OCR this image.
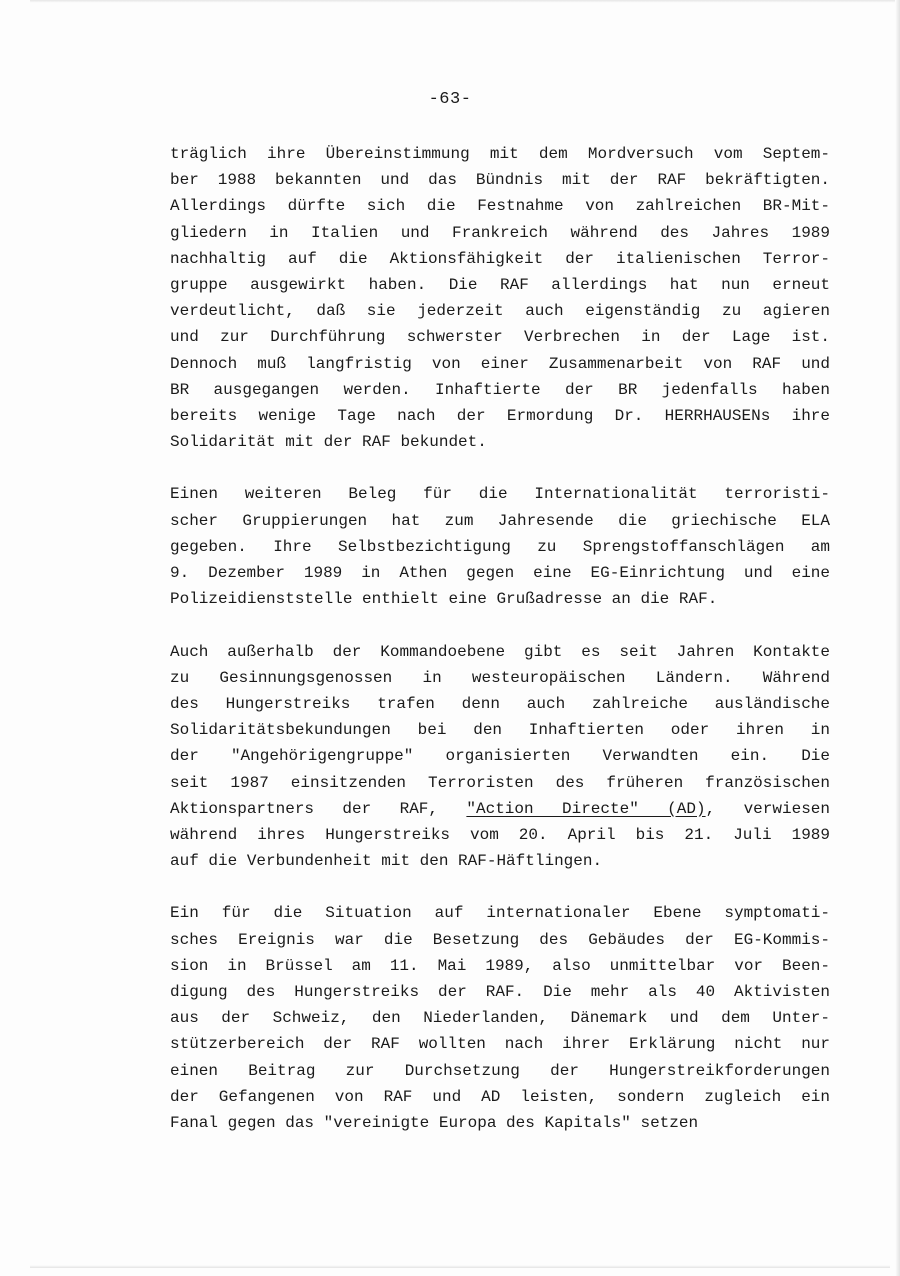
-63-
träglich ihre Übereinstimmung mit dem Mordversuch vom Septem-
ber 1988 bekannten und das Bündnis mit der RAF bekräftigten.
Allerdings dürfte sich die Festnahme von zahlreichen BR-Mit-
gliedern in Italien und Frankreich während des Jahres 1989
nachhaltig auf die Aktionsfähigkeit der italienischen Terror-
gruppe ausgewirkt haben. Die RAF allerdings hat nun erneut
verdeutlicht, daß sie jederzeit auch eigenständig zu agieren
und zur Durchführung schwerster Verbrechen in der Lage ist.
Dennoch muß langfristig von einer Zusammenarbeit von RAF und
BR ausgegangen werden. Inhaftierte der BR jedenfalls haben
bereits wenige Tage nach der Ermordung Dr. HERRHAUSENs ihre
Solidarität mit der RAF bekundet.
Einen weiteren Beleg für die Internationalität terroristi-
scher Gruppierungen hat zum Jahresende die griechische ELA
gegeben. Ihre Selbstbezichtigung zu Sprengstoffanschlägen am
9. Dezember 1989 in Athen gegen eine EG-Einrichtung und eine
Polizeidienststelle enthielt eine Grußadresse an die RAF.
Auch außerhalb der Kommandoebene gibt es seit Jahren Kontakte
zu Gesinnungsgenossen in westeuropäischen Ländern. Während
des Hungerstreiks trafen denn auch zahlreiche ausländische
Solidaritätsbekundungen bei den Inhaftierten oder ihren in
der "Angehörigengruppe" organisierten Verwandten ein. Die
seit 1987 einsitzenden Terroristen des früheren französischen
Aktionspartners der RAF, "Action Directe" (AD), verwiesen
während ihres Hungerstreiks vom 20. April bis 21. Juli 1989
auf die Verbundenheit mit den RAF-Häftlingen.
Ein für die Situation auf internationaler Ebene symptomati-
sches Ereignis war die Besetzung des Gebäudes der EG-Kommis-
sion in Brüssel am 11. Mai 1989, also unmittelbar vor Been-
digung des Hungerstreiks der RAF. Die mehr als 40 Aktivisten
aus der Schweiz, den Niederlanden, Dänemark und dem Unter-
stützerbereich der RAF wollten nach ihrer Erklärung nicht nur
einen Beitrag zur Durchsetzung der Hungerstreikforderungen
der Gefangenen von RAF und AD leisten, sondern zugleich ein
Fanal gegen das "vereinigte Europa des Kapitals" setzen
